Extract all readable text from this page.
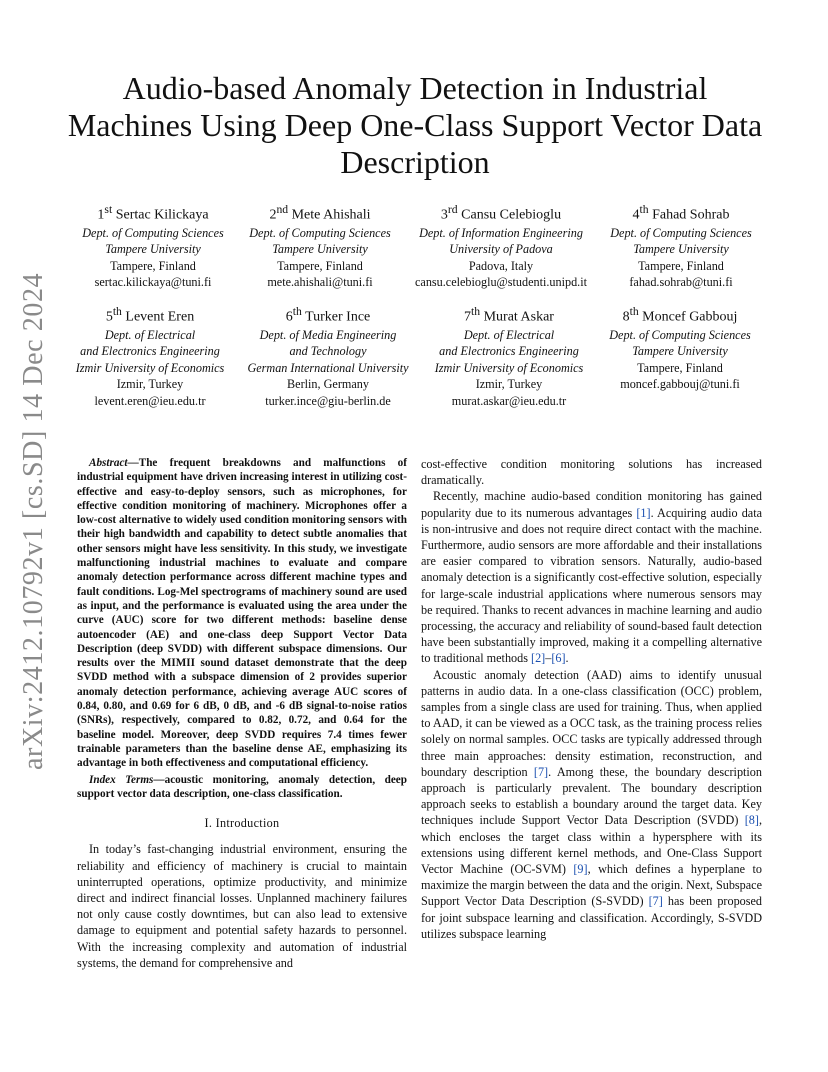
arXiv:2412.10792v1 [cs.SD] 14 Dec 2024
Audio-based Anomaly Detection in Industrial Machines Using Deep One-Class Support Vector Data Description
1st Sertac Kilickaya
Dept. of Computing Sciences
Tampere University
Tampere, Finland
sertac.kilickaya@tuni.fi
2nd Mete Ahishali
Dept. of Computing Sciences
Tampere University
Tampere, Finland
mete.ahishali@tuni.fi
3rd Cansu Celebioglu
Dept. of Information Engineering
University of Padova
Padova, Italy
cansu.celebioglu@studenti.unipd.it
4th Fahad Sohrab
Dept. of Computing Sciences
Tampere University
Tampere, Finland
fahad.sohrab@tuni.fi
5th Levent Eren
Dept. of Electrical
and Electronics Engineering
Izmir University of Economics
Izmir, Turkey
levent.eren@ieu.edu.tr
6th Turker Ince
Dept. of Media Engineering
and Technology
German International University
Berlin, Germany
turker.ince@giu-berlin.de
7th Murat Askar
Dept. of Electrical
and Electronics Engineering
Izmir University of Economics
Izmir, Turkey
murat.askar@ieu.edu.tr
8th Moncef Gabbouj
Dept. of Computing Sciences
Tampere University
Tampere, Finland
moncef.gabbouj@tuni.fi

Abstract—The frequent breakdowns and malfunctions of industrial equipment have driven increasing interest in utilizing cost-effective and easy-to-deploy sensors, such as microphones, for effective condition monitoring of machinery. Microphones offer a low-cost alternative to widely used condition monitoring sensors with their high bandwidth and capability to detect subtle anomalies that other sensors might have less sensitivity. In this study, we investigate malfunctioning industrial machines to evaluate and compare anomaly detection performance across different machine types and fault conditions. Log-Mel spectrograms of machinery sound are used as input, and the performance is evaluated using the area under the curve (AUC) score for two different methods: baseline dense autoencoder (AE) and one-class deep Support Vector Data Description (deep SVDD) with different subspace dimensions. Our results over the MIMII sound dataset demonstrate that the deep SVDD method with a subspace dimension of 2 provides superior anomaly detection performance, achieving average AUC scores of 0.84, 0.80, and 0.69 for 6 dB, 0 dB, and -6 dB signal-to-noise ratios (SNRs), respectively, compared to 0.82, 0.72, and 0.64 for the baseline model. Moreover, deep SVDD requires 7.4 times fewer trainable parameters than the baseline dense AE, emphasizing its advantage in both effectiveness and computational efficiency.

Index Terms—acoustic monitoring, anomaly detection, deep support vector data description, one-class classification.

I. Introduction

In today’s fast-changing industrial environment, ensuring the reliability and efficiency of machinery is crucial to maintain uninterrupted operations, optimize productivity, and minimize direct and indirect financial losses. Unplanned machinery failures not only cause costly downtimes, but can also lead to extensive damage to equipment and potential safety hazards to personnel. With the increasing complexity and automation of industrial systems, the demand for comprehensive and

cost-effective condition monitoring solutions has increased dramatically.

Recently, machine audio-based condition monitoring has gained popularity due to its numerous advantages [1]. Acquiring audio data is non-intrusive and does not require direct contact with the machine. Furthermore, audio sensors are more affordable and their installations are easier compared to vibration sensors. Naturally, audio-based anomaly detection is a significantly cost-effective solution, especially for large-scale industrial applications where numerous sensors may be required. Thanks to recent advances in machine learning and audio processing, the accuracy and reliability of sound-based fault detection have been substantially improved, making it a compelling alternative to traditional methods [2]–[6].

Acoustic anomaly detection (AAD) aims to identify unusual patterns in audio data. In a one-class classification (OCC) problem, samples from a single class are used for training. Thus, when applied to AAD, it can be viewed as a OCC task, as the training process relies solely on normal samples. OCC tasks are typically addressed through three main approaches: density estimation, reconstruction, and boundary description [7]. Among these, the boundary description approach is particularly prevalent. The boundary description approach seeks to establish a boundary around the target data. Key techniques include Support Vector Data Description (SVDD) [8], which encloses the target class within a hypersphere with its extensions using different kernel methods, and One-Class Support Vector Machine (OC-SVM) [9], which defines a hyperplane to maximize the margin between the data and the origin. Next, Subspace Support Vector Data Description (S-SVDD) [7] has been proposed for joint subspace learning and classification. Accordingly, S-SVDD utilizes subspace learning
